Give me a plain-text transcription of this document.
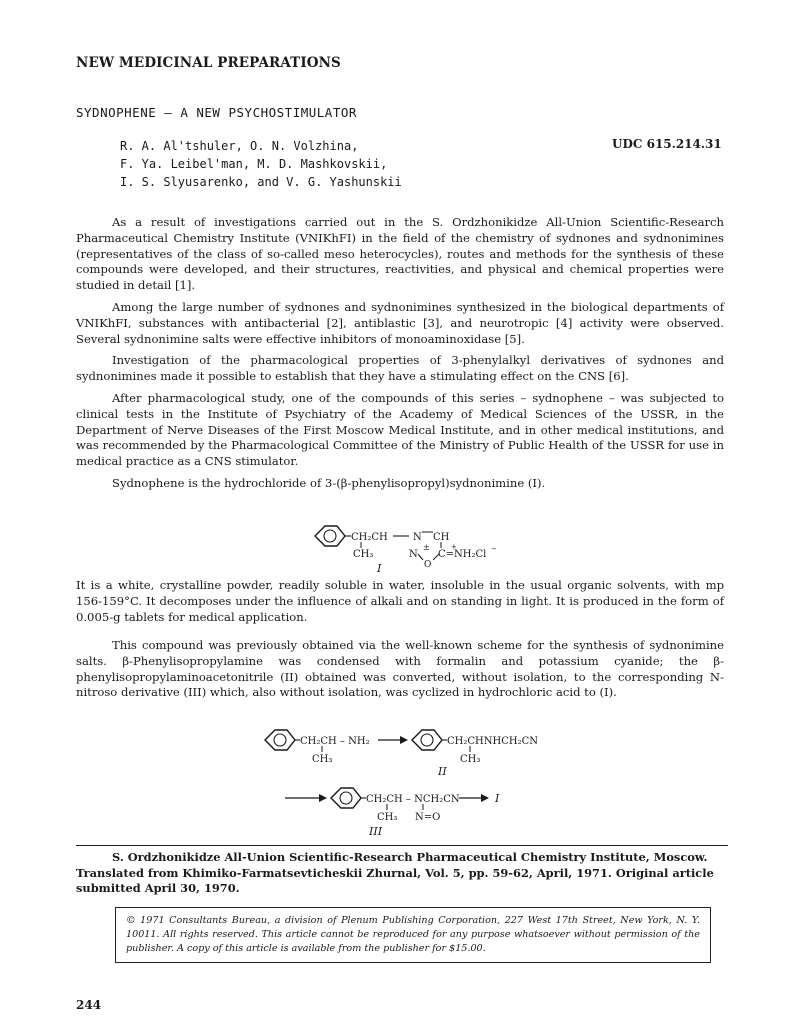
NEW MEDICINAL PREPARATIONS
SYDNOPHENE – A NEW PSYCHOSTIMULATOR
R. A. Al'tshuler, O. N. Volzhina,
F. Ya. Leibel'man, M. D. Mashkovskii,
I. S. Slyusarenko, and V. G. Yashunskii
UDC 615.214.31

As a result of investigations carried out in the S. Ordzhonikidze All-Union Scientific-Research Pharmaceutical Chemistry Institute (VNIKhFI) in the field of the chemistry of sydnones and sydnonimines (representatives of the class of so-called meso heterocycles), routes and methods for the synthesis of these compounds were developed, and their structures, reactivities, and physical and chemical properties were studied in detail [1].

Among the large number of sydnones and sydnonimines synthesized in the biological departments of VNIKhFI, substances with antibacterial [2], antiblastic [3], and neurotropic [4] activity were observed. Several sydnonimine salts were effective inhibitors of monoaminoxidase [5].

Investigation of the pharmacological properties of 3-phenylalkyl derivatives of sydnones and sydnonimines made it possible to establish that they have a stimulating effect on the CNS [6].

After pharmacological study, one of the compounds of this series – sydnophene – was subjected to clinical tests in the Institute of Psychiatry of the Academy of Medical Sciences of the USSR, in the Department of Nerve Diseases of the First Moscow Medical Institute, and in other medical institutions, and was recommended by the Pharmacological Committee of the Ministry of Public Health of the USSR for use in medical practice as a CNS stimulator.

Sydnophene is the hydrochloride of 3-(β-phenylisopropyl)sydnonimine (I).

CH₂CH
CH₃
N CH
±
N
O
C=NH₂Cl
+	−
I

It is a white, crystalline powder, readily soluble in water, insoluble in the usual organic solvents, with mp 156-159°C. It decomposes under the influence of alkali and on standing in light. It is produced in the form of 0.005-g tablets for medical application.

This compound was previously obtained via the well-known scheme for the synthesis of sydnonimine salts. β-Phenylisopropylamine was condensed with formalin and potassium cyanide; the β-phenylisopropylaminoacetonitrile (II) obtained was converted, without isolation, to the corresponding N-nitroso derivative (III) which, also without isolation, was cyclized in hydrochloric acid to (I).

CH₂CH – NH₂
CH₃
CH₂CHNHCH₂CN
CH₃
II
CH₂CH – NCH₂CN
CH₃ N=O
I
III

S. Ordzhonikidze All-Union Scientific-Research Pharmaceutical Chemistry Institute, Moscow. Translated from Khimiko-Farmatsevticheskii Zhurnal, Vol. 5, pp. 59-62, April, 1971. Original article submitted April 30, 1970.

© 1971 Consultants Bureau, a division of Plenum Publishing Corporation, 227 West 17th Street, New York, N. Y. 10011. All rights reserved. This article cannot be reproduced for any purpose whatsoever without permission of the publisher. A copy of this article is available from the publisher for $15.00.
244
